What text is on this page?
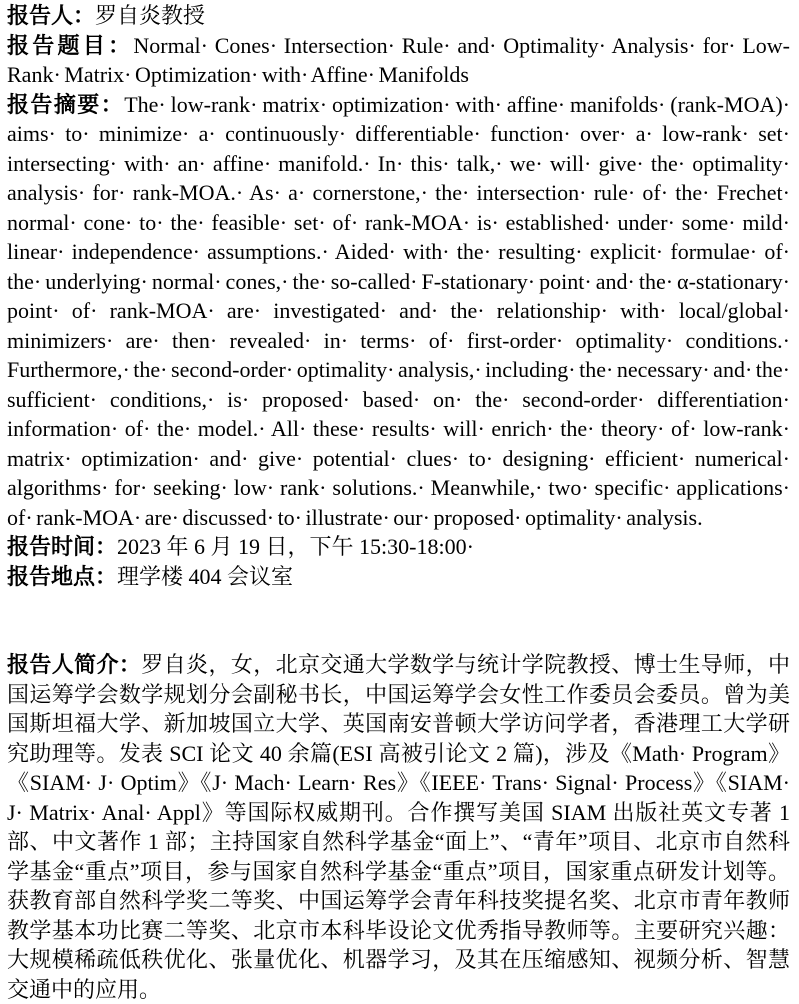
报告人：罗自炎教授

报告题目：Normal· Cones· Intersection· Rule· and· Optimality· Analysis· for· Low-Rank· Matrix· Optimization· with· Affine· Manifolds

报告摘要：The· low-rank· matrix· optimization· with· affine· manifolds· (rank-MOA)· aims· to· minimize· a· continuously· differentiable· function· over· a· low-rank· set· intersecting· with· an· affine· manifold.· In· this· talk,· we· will· give· the· optimality· analysis· for· rank-MOA.· As· a· cornerstone,· the· intersection· rule· of· the· Frechet· normal· cone· to· the· feasible· set· of· rank-MOA· is· established· under· some· mild· linear· independence· assumptions.· Aided· with· the· resulting· explicit· formulae· of· the· underlying· normal· cones,· the· so-called· F-stationary· point· and· the· α-stationary· point· of· rank-MOA· are· investigated· and· the· relationship· with· local/global· minimizers· are· then· revealed· in· terms· of· first-order· optimality· conditions.· Furthermore,· the· second-order· optimality· analysis,· including· the· necessary· and· the· sufficient· conditions,· is· proposed· based· on· the· second-order· differentiation· information· of· the· model.· All· these· results· will· enrich· the· theory· of· low-rank· matrix· optimization· and· give· potential· clues· to· designing· efficient· numerical· algorithms· for· seeking· low· rank· solutions.· Meanwhile,· two· specific· applications· of· rank-MOA· are· discussed· to· illustrate· our· proposed· optimality· analysis.

报告时间：2023 年 6 月 19 日，下午 15:30-18:00·

报告地点：理学楼 404 会议室

报告人简介：罗自炎，女，北京交通大学数学与统计学院教授、博士生导师，中国运筹学会数学规划分会副秘书长，中国运筹学会女性工作委员会委员。曾为美国斯坦福大学、新加坡国立大学、英国南安普顿大学访问学者，香港理工大学研究助理等。发表 SCI 论文 40 余篇(ESI 高被引论文 2 篇)，涉及《Math· Program》《SIAM· J· Optim》《J· Mach· Learn· Res》《IEEE· Trans· Signal· Process》《SIAM· J· Matrix· Anal· Appl》等国际权威期刊。合作撰写美国 SIAM 出版社英文专著 1 部、中文著作 1 部；主持国家自然科学基金“面上”、“青年”项目、北京市自然科学基金“重点”项目，参与国家自然科学基金“重点”项目，国家重点研发计划等。获教育部自然科学奖二等奖、中国运筹学会青年科技奖提名奖、北京市青年教师教学基本功比赛二等奖、北京市本科毕设论文优秀指导教师等。主要研究兴趣：大规模稀疏低秩优化、张量优化、机器学习，及其在压缩感知、视频分析、智慧交通中的应用。
